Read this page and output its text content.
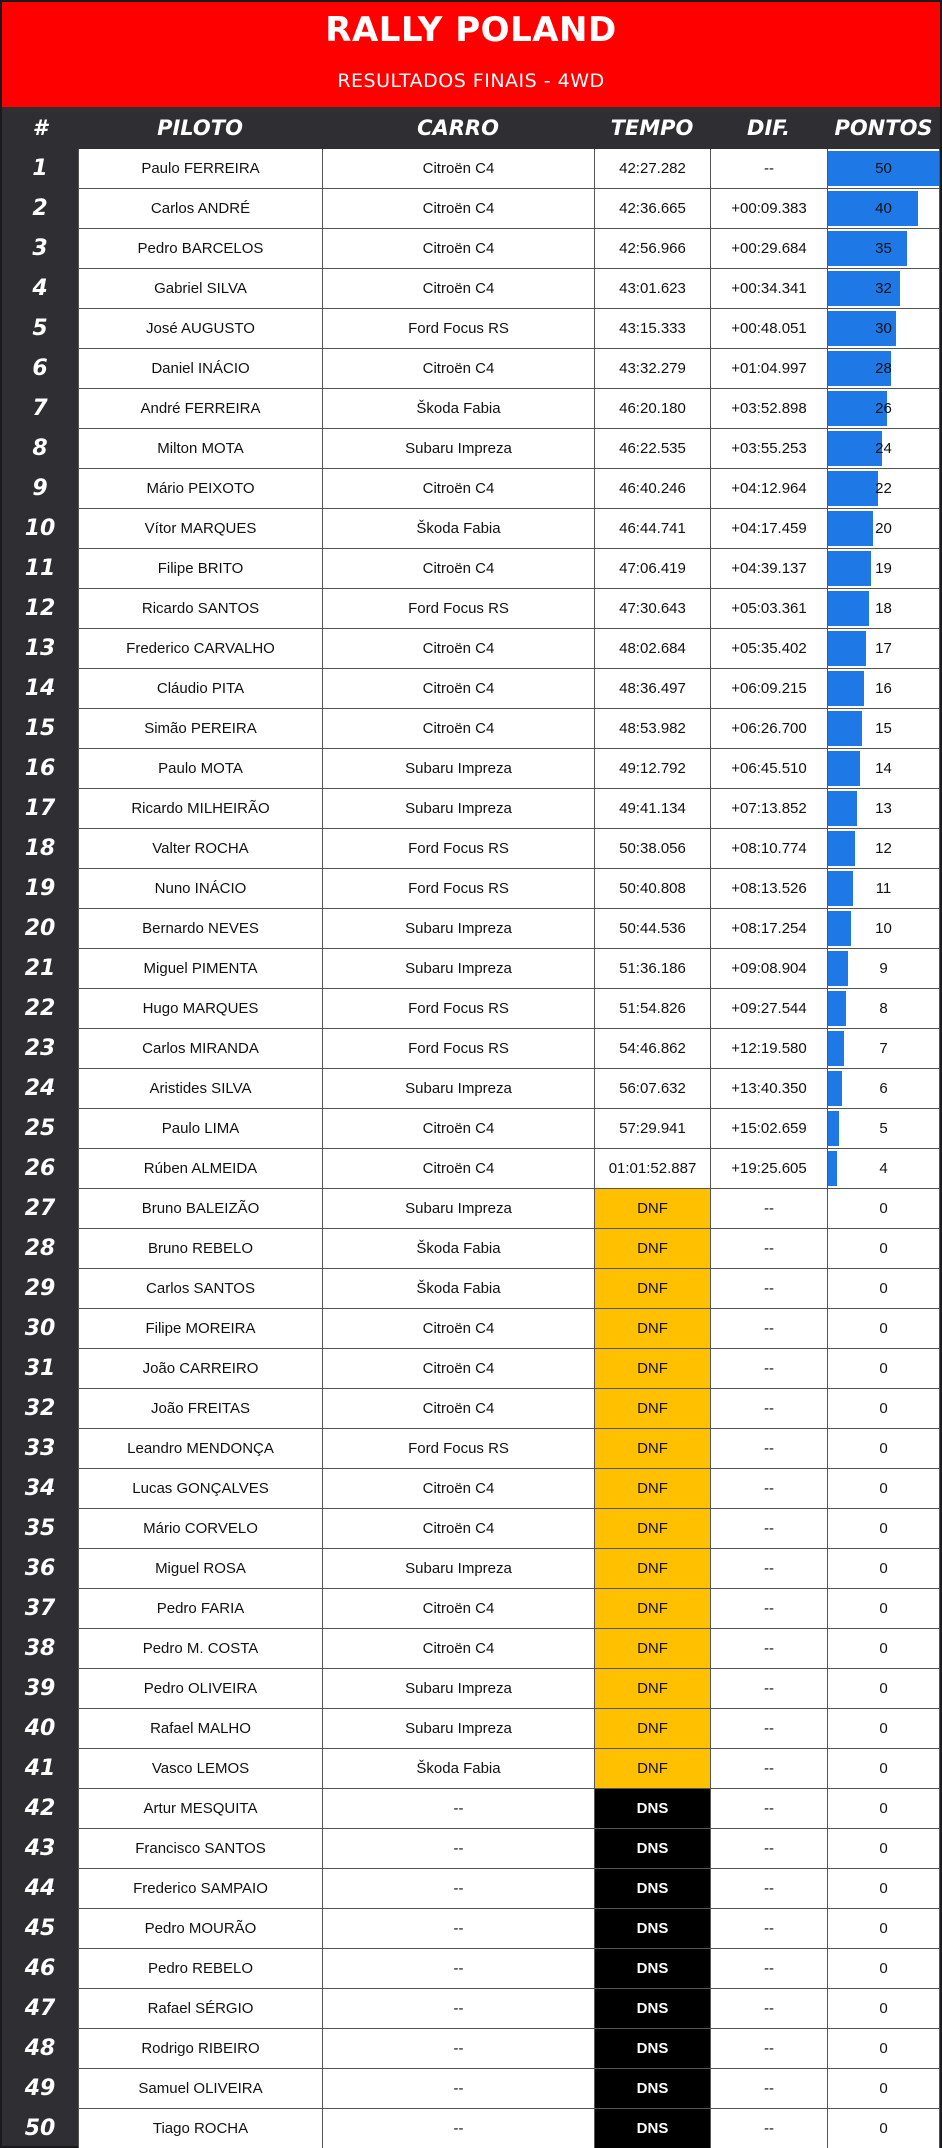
RALLY POLAND
RESULTADOS FINAIS - 4WD
#	PILOTO	CARRO	TEMPO	DIF.	PONTOS
1	Paulo FERREIRA	Citroën C4	42:27.282	--	50
2	Carlos ANDRÉ	Citroën C4	42:36.665	+00:09.383	40
3	Pedro BARCELOS	Citroën C4	42:56.966	+00:29.684	35
4	Gabriel SILVA	Citroën C4	43:01.623	+00:34.341	32
5	José AUGUSTO	Ford Focus RS	43:15.333	+00:48.051	30
6	Daniel INÁCIO	Citroën C4	43:32.279	+01:04.997	28
7	André FERREIRA	Škoda Fabia	46:20.180	+03:52.898	26
8	Milton MOTA	Subaru Impreza	46:22.535	+03:55.253	24
9	Mário PEIXOTO	Citroën C4	46:40.246	+04:12.964	22
10	Vítor MARQUES	Škoda Fabia	46:44.741	+04:17.459	20
11	Filipe BRITO	Citroën C4	47:06.419	+04:39.137	19
12	Ricardo SANTOS	Ford Focus RS	47:30.643	+05:03.361	18
13	Frederico CARVALHO	Citroën C4	48:02.684	+05:35.402	17
14	Cláudio PITA	Citroën C4	48:36.497	+06:09.215	16
15	Simão PEREIRA	Citroën C4	48:53.982	+06:26.700	15
16	Paulo MOTA	Subaru Impreza	49:12.792	+06:45.510	14
17	Ricardo MILHEIRÃO	Subaru Impreza	49:41.134	+07:13.852	13
18	Valter ROCHA	Ford Focus RS	50:38.056	+08:10.774	12
19	Nuno INÁCIO	Ford Focus RS	50:40.808	+08:13.526	11
20	Bernardo NEVES	Subaru Impreza	50:44.536	+08:17.254	10
21	Miguel PIMENTA	Subaru Impreza	51:36.186	+09:08.904	9
22	Hugo MARQUES	Ford Focus RS	51:54.826	+09:27.544	8
23	Carlos MIRANDA	Ford Focus RS	54:46.862	+12:19.580	7
24	Aristides SILVA	Subaru Impreza	56:07.632	+13:40.350	6
25	Paulo LIMA	Citroën C4	57:29.941	+15:02.659	5
26	Rúben ALMEIDA	Citroën C4	01:01:52.887	+19:25.605	4
27	Bruno BALEIZÃO	Subaru Impreza	DNF	--	0
28	Bruno REBELO	Škoda Fabia	DNF	--	0
29	Carlos SANTOS	Škoda Fabia	DNF	--	0
30	Filipe MOREIRA	Citroën C4	DNF	--	0
31	João CARREIRO	Citroën C4	DNF	--	0
32	João FREITAS	Citroën C4	DNF	--	0
33	Leandro MENDONÇA	Ford Focus RS	DNF	--	0
34	Lucas GONÇALVES	Citroën C4	DNF	--	0
35	Mário CORVELO	Citroën C4	DNF	--	0
36	Miguel ROSA	Subaru Impreza	DNF	--	0
37	Pedro FARIA	Citroën C4	DNF	--	0
38	Pedro M. COSTA	Citroën C4	DNF	--	0
39	Pedro OLIVEIRA	Subaru Impreza	DNF	--	0
40	Rafael MALHO	Subaru Impreza	DNF	--	0
41	Vasco LEMOS	Škoda Fabia	DNF	--	0
42	Artur MESQUITA	--	DNS	--	0
43	Francisco SANTOS	--	DNS	--	0
44	Frederico SAMPAIO	--	DNS	--	0
45	Pedro MOURÃO	--	DNS	--	0
46	Pedro REBELO	--	DNS	--	0
47	Rafael SÉRGIO	--	DNS	--	0
48	Rodrigo RIBEIRO	--	DNS	--	0
49	Samuel OLIVEIRA	--	DNS	--	0
50	Tiago ROCHA	--	DNS	--	0
